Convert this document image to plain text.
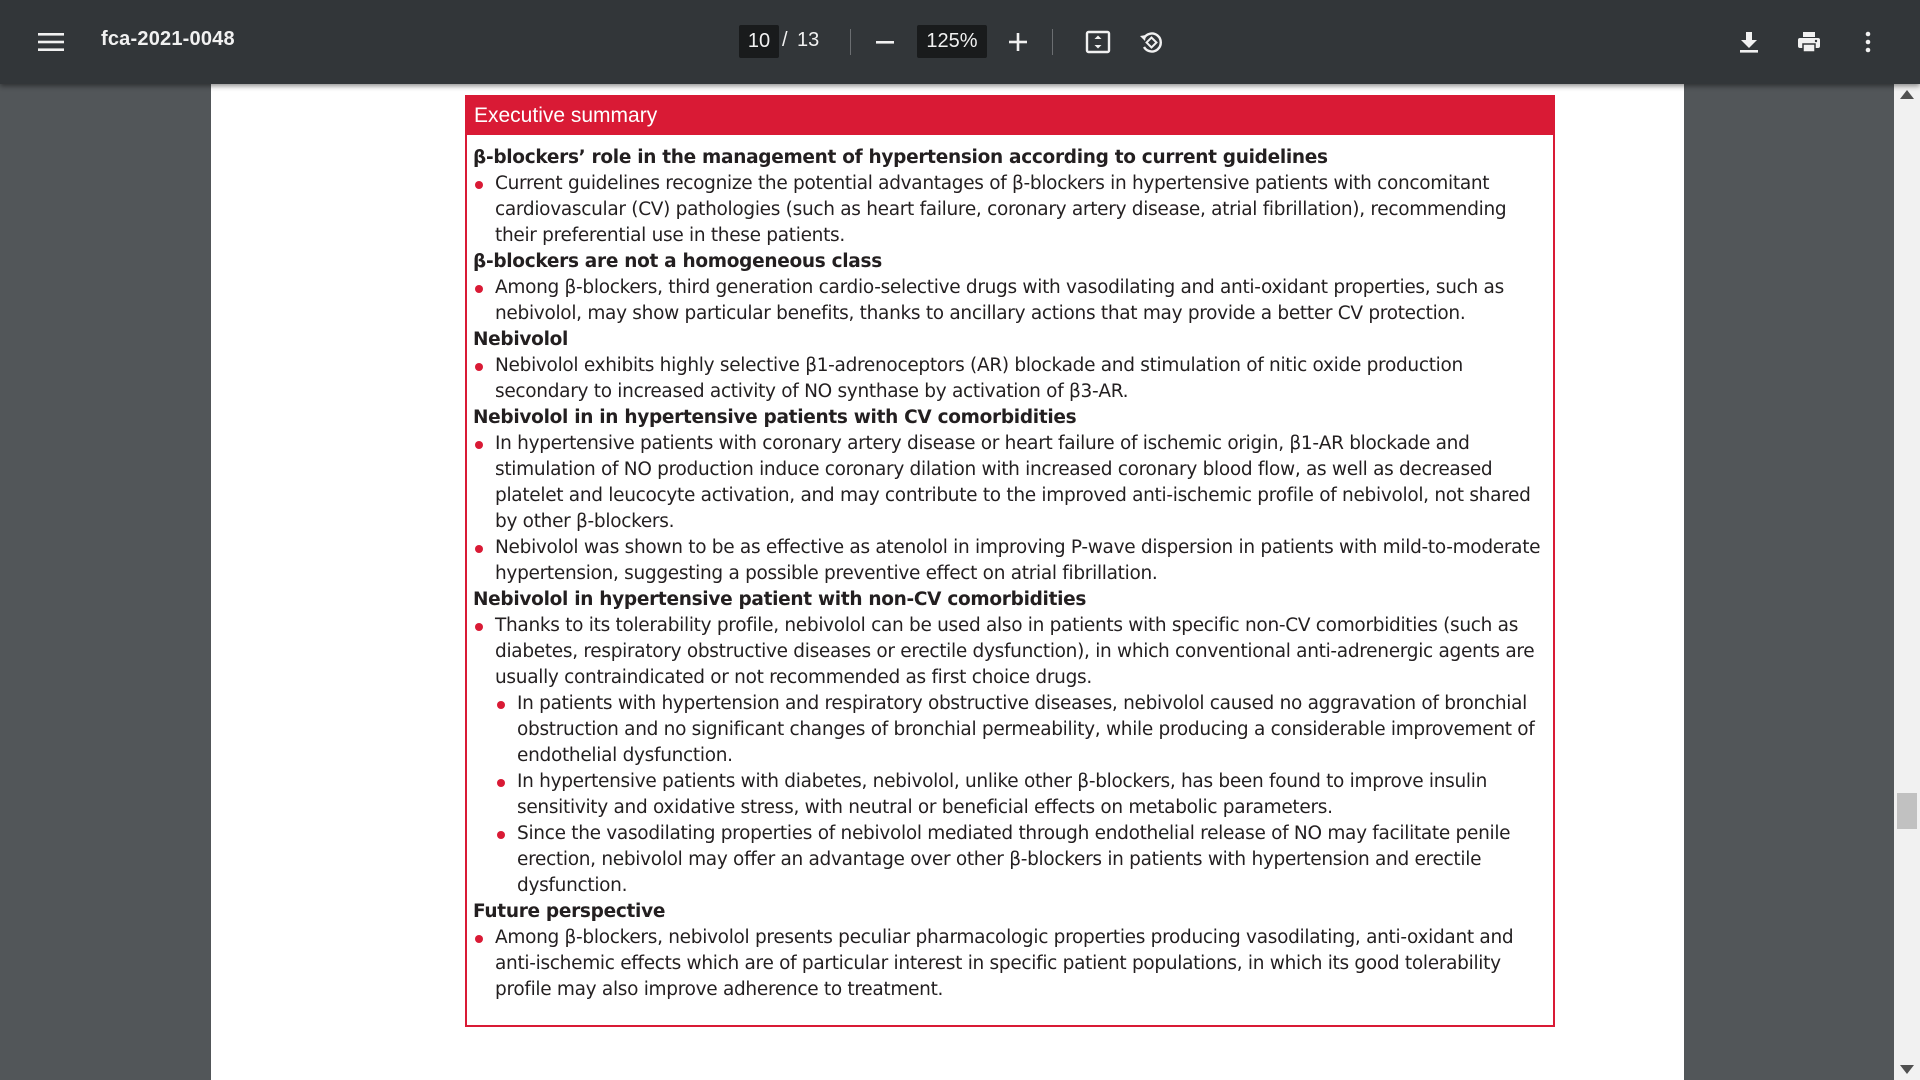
fca-2021-0048	10 / 13	125%
Executive summary
β-blockers’ role in the management of hypertension according to current guidelines
Current guidelines recognize the potential advantages of β-blockers in hypertensive patients with concomitant cardiovascular (CV) pathologies (such as heart failure, coronary artery disease, atrial fibrillation), recommending their preferential use in these patients.
β-blockers are not a homogeneous class
Among β-blockers, third generation cardio-selective drugs with vasodilating and anti-oxidant properties, such as nebivolol, may show particular benefits, thanks to ancillary actions that may provide a better CV protection.
Nebivolol
Nebivolol exhibits highly selective β1-adrenoceptors (AR) blockade and stimulation of nitic oxide production secondary to increased activity of NO synthase by activation of β3-AR.
Nebivolol in in hypertensive patients with CV comorbidities
In hypertensive patients with coronary artery disease or heart failure of ischemic origin, β1-AR blockade and stimulation of NO production induce coronary dilation with increased coronary blood flow, as well as decreased platelet and leucocyte activation, and may contribute to the improved anti-ischemic profile of nebivolol, not shared by other β-blockers.
Nebivolol was shown to be as effective as atenolol in improving P-wave dispersion in patients with mild-to-moderate hypertension, suggesting a possible preventive effect on atrial fibrillation.
Nebivolol in hypertensive patient with non-CV comorbidities
Thanks to its tolerability profile, nebivolol can be used also in patients with specific non-CV comorbidities (such as diabetes, respiratory obstructive diseases or erectile dysfunction), in which conventional anti-adrenergic agents are usually contraindicated or not recommended as first choice drugs.
In patients with hypertension and respiratory obstructive diseases, nebivolol caused no aggravation of bronchial obstruction and no significant changes of bronchial permeability, while producing a considerable improvement of endothelial dysfunction.
In hypertensive patients with diabetes, nebivolol, unlike other β-blockers, has been found to improve insulin sensitivity and oxidative stress, with neutral or beneficial effects on metabolic parameters.
Since the vasodilating properties of nebivolol mediated through endothelial release of NO may facilitate penile erection, nebivolol may offer an advantage over other β-blockers in patients with hypertension and erectile dysfunction.
Future perspective
Among β-blockers, nebivolol presents peculiar pharmacologic properties producing vasodilating, anti-oxidant and anti-ischemic effects which are of particular interest in specific patient populations, in which its good tolerability profile may also improve adherence to treatment.
